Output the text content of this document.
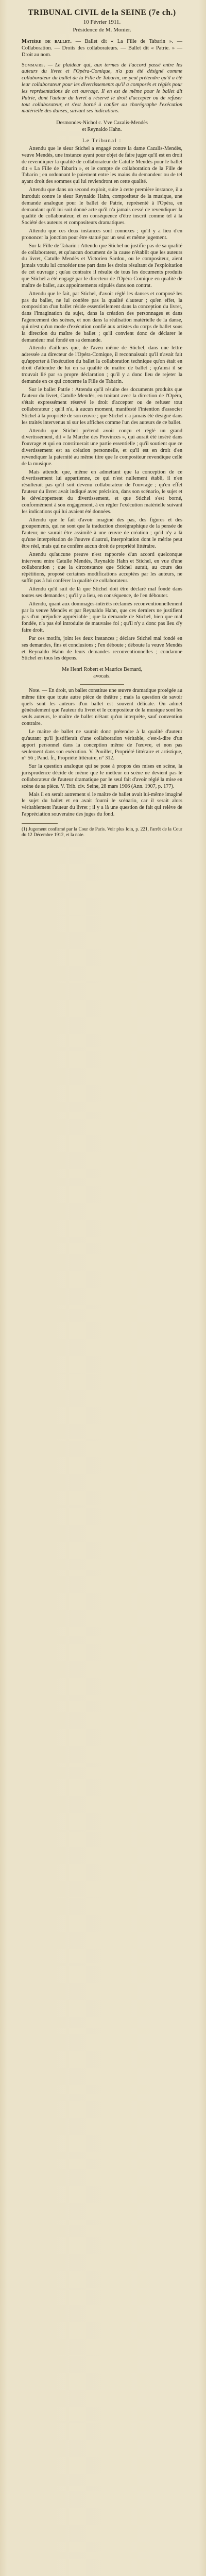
TRIBUNAL CIVIL de la SEINE (7e ch.)

10 Février 1911.

Présidence de M. Monier.

Matière de ballet. — Ballet dit « La Fille de Tabarin ». — Collaboration. — Droits des collaborateurs. — Ballet dit « Patrie. » — Droit au nom.

Sommaire. — Le plaideur qui, aux termes de l'accord passé entre les auteurs du livret et l'Opéra-Comique, n'a pas été désigné comme collaborateur du ballet de la Fille de Tabarin, ne peut prétendre qu'il a été leur collaborateur pour les divertissements qu'il a composés et réglés pour les représentations de cet ouvrage. Il en est de même pour le ballet dit Patrie, dont l'auteur du livret a réservé le droit d'accepter ou de refuser tout collaborateur, et s'est borné à confier au chorégraphe l'exécution matérielle des danses, suivant ses indications.

Desmondes-Nichol c. Vve Cazalis-Mendès
et Reynaldo Hahn.
Le Tribunal :

Attendu que le sieur Stichel a engagé contre la dame Cazalis-Mendès, veuve Mendès, une instance ayant pour objet de faire juger qu'il est en droit de revendiquer la qualité de collaborateur de Catulle Mendès pour le ballet dit « La Fille de Tabarin », et le compte de collaboration de la Fille de Tabarin ; en ordonnant le paiement entre les mains du demandeur ou de tel ayant droit des sommes qui lui reviendront en cette qualité.

Attendu que dans un second exploit, suite à cette première instance, il a introduit contre le sieur Reynaldo Hahn, compositeur de la musique, une demande analogue pour le ballet de Patrie, représenté à l'Opéra, en demandant qu'il lui soit donné acte qu'il n'a jamais cessé de revendiquer la qualité de collaborateur, et en conséquence d'être inscrit comme tel à la Société des auteurs et compositeurs dramatiques.

Attendu que ces deux instances sont connexes ; qu'il y a lieu d'en prononcer la jonction pour être statué par un seul et même jugement.

Sur la Fille de Tabarin : Attendu que Stichel ne justifie pas de sa qualité de collaborateur, et qu'aucun document de la cause n'établit que les auteurs du livret, Catulle Mendès et Victorien Sardou, ou le compositeur, aient jamais voulu lui concéder une part dans les droits résultant de l'exploitation de cet ouvrage ; qu'au contraire il résulte de tous les documents produits que Stichel a été engagé par le directeur de l'Opéra-Comique en qualité de maître de ballet, aux appointements stipulés dans son contrat.

Attendu que le fait, par Stichel, d'avoir réglé les danses et composé les pas du ballet, ne lui confère pas la qualité d'auteur ; qu'en effet, la composition d'un ballet réside essentiellement dans la conception du livret, dans l'imagination du sujet, dans la création des personnages et dans l'agencement des scènes, et non dans la réalisation matérielle de la danse, qui n'est qu'un mode d'exécution confié aux artistes du corps de ballet sous la direction du maître de ballet ; qu'il convient donc de déclarer le demandeur mal fondé en sa demande.

Attendu d'ailleurs que, de l'aveu même de Stichel, dans une lettre adressée au directeur de l'Opéra-Comique, il reconnaissait qu'il n'avait fait qu'apporter à l'exécution du ballet la collaboration technique qu'on était en droit d'attendre de lui en sa qualité de maître de ballet ; qu'ainsi il se trouvait lié par sa propre déclaration ; qu'il y a donc lieu de rejeter la demande en ce qui concerne la Fille de Tabarin.

Sur le ballet Patrie : Attendu qu'il résulte des documents produits que l'auteur du livret, Catulle Mendès, en traitant avec la direction de l'Opéra, s'était expressément réservé le droit d'accepter ou de refuser tout collaborateur ; qu'il n'a, à aucun moment, manifesté l'intention d'associer Stichel à la propriété de son œuvre ; que Stichel n'a jamais été désigné dans les traités intervenus ni sur les affiches comme l'un des auteurs de ce ballet.

Attendu que Stichel prétend avoir conçu et réglé un grand divertissement, dit « la Marche des Provinces », qui aurait été inséré dans l'ouvrage et qui en constituerait une partie essentielle ; qu'il soutient que ce divertissement est sa création personnelle, et qu'il est en droit d'en revendiquer la paternité au même titre que le compositeur revendique celle de la musique.

Mais attendu que, même en admettant que la conception de ce divertissement lui appartienne, ce qui n'est nullement établi, il n'en résulterait pas qu'il soit devenu collaborateur de l'ouvrage ; qu'en effet l'auteur du livret avait indiqué avec précision, dans son scénario, le sujet et le développement du divertissement, et que Stichel s'est borné, conformément à son engagement, à en régler l'exécution matérielle suivant les indications qui lui avaient été données.

Attendu que le fait d'avoir imaginé des pas, des figures et des groupements, qui ne sont que la traduction chorégraphique de la pensée de l'auteur, ne saurait être assimilé à une œuvre de création ; qu'il n'y a là qu'une interprétation de l'œuvre d'autrui, interprétation dont le mérite peut être réel, mais qui ne confère aucun droit de propriété littéraire.

Attendu qu'aucune preuve n'est rapportée d'un accord quelconque intervenu entre Catulle Mendès, Reynaldo Hahn et Stichel, en vue d'une collaboration ; que la circonstance que Stichel aurait, au cours des répétitions, proposé certaines modifications acceptées par les auteurs, ne suffit pas à lui conférer la qualité de collaborateur.

Attendu qu'il suit de là que Stichel doit être déclaré mal fondé dans toutes ses demandes ; qu'il y a lieu, en conséquence, de l'en débouter.

Attendu, quant aux dommages-intérêts réclamés reconventionnellement par la veuve Mendès et par Reynaldo Hahn, que ces derniers ne justifient pas d'un préjudice appréciable ; que la demande de Stichel, bien que mal fondée, n'a pas été introduite de mauvaise foi ; qu'il n'y a donc pas lieu d'y faire droit.

Par ces motifs, joint les deux instances ; déclare Stichel mal fondé en ses demandes, fins et conclusions ; l'en déboute ; déboute la veuve Mendès et Reynaldo Hahn de leurs demandes reconventionnelles ; condamne Stichel en tous les dépens.

Me Henri Robert et Maurice Bernard,
avocats.

Note. — En droit, un ballet constitue une œuvre dramatique protégée au même titre que toute autre pièce de théâtre ; mais la question de savoir quels sont les auteurs d'un ballet est souvent délicate. On admet généralement que l'auteur du livret et le compositeur de la musique sont les seuls auteurs, le maître de ballet n'étant qu'un interprète, sauf convention contraire.

Le maître de ballet ne saurait donc prétendre à la qualité d'auteur qu'autant qu'il justifierait d'une collaboration véritable, c'est-à-dire d'un apport personnel dans la conception même de l'œuvre, et non pas seulement dans son exécution. V. Pouillet, Propriété littéraire et artistique, n° 56 ; Pand. fr., Propriété littéraire, n° 312.

Sur la question analogue qui se pose à propos des mises en scène, la jurisprudence décide de même que le metteur en scène ne devient pas le collaborateur de l'auteur dramatique par le seul fait d'avoir réglé la mise en scène de sa pièce. V. Trib. civ. Seine, 28 mars 1906 (Ann. 1907, p. 177).

Mais il en serait autrement si le maître de ballet avait lui-même imaginé le sujet du ballet et en avait fourni le scénario, car il serait alors véritablement l'auteur du livret ; il y a là une question de fait qui relève de l'appréciation souveraine des juges du fond.

(1) Jugement confirmé par la Cour de Paris. Voir plus loin, p. 221, l'arrêt de la Cour du 12 Décembre 1912, et la note.
